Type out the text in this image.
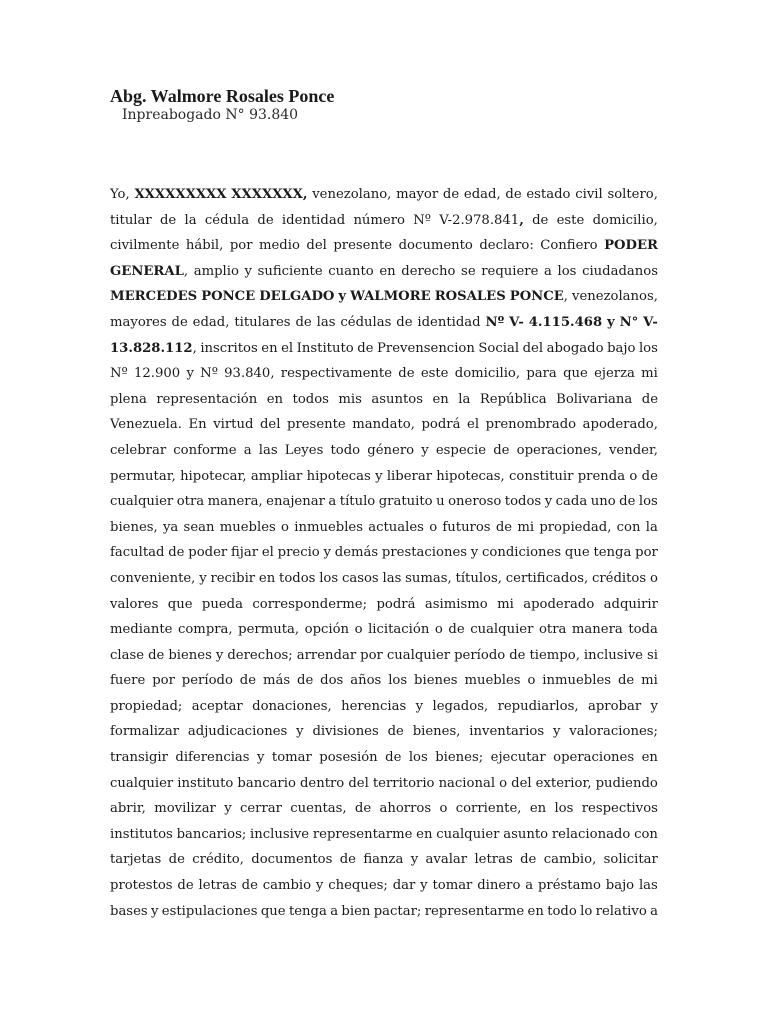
Abg. Walmore Rosales Ponce

Inpreabogado N° 93.840

Yo, XXXXXXXXX XXXXXXX, venezolano, mayor de edad, de estado civil soltero,
titular de la cédula de identidad número Nº V-2.978.841, de este domicilio,
civilmente hábil, por medio del presente documento declaro: Confiero PODER
GENERAL, amplio y suficiente cuanto en derecho se requiere a los ciudadanos
MERCEDES PONCE DELGADO y WALMORE ROSALES PONCE, venezolanos,
mayores de edad, titulares de las cédulas de identidad Nº V- 4.115.468 y N° V-
13.828.112, inscritos en el Instituto de Prevensencion Social del abogado bajo los
Nº 12.900 y Nº 93.840, respectivamente de este domicilio, para que ejerza mi
plena representación en todos mis asuntos en la República Bolivariana de
Venezuela. En virtud del presente mandato, podrá el prenombrado apoderado,
celebrar conforme a las Leyes todo género y especie de operaciones, vender,
permutar, hipotecar, ampliar hipotecas y liberar hipotecas, constituir prenda o de
cualquier otra manera, enajenar a título gratuito u oneroso todos y cada uno de los
bienes, ya sean muebles o inmuebles actuales o futuros de mi propiedad, con la
facultad de poder fijar el precio y demás prestaciones y condiciones que tenga por
conveniente, y recibir en todos los casos las sumas, títulos, certificados, créditos o
valores que pueda corresponderme; podrá asimismo mi apoderado adquirir
mediante compra, permuta, opción o licitación o de cualquier otra manera toda
clase de bienes y derechos; arrendar por cualquier período de tiempo, inclusive si
fuere por período de más de dos años los bienes muebles o inmuebles de mi
propiedad; aceptar donaciones, herencias y legados, repudiarlos, aprobar y
formalizar adjudicaciones y divisiones de bienes, inventarios y valoraciones;
transigir diferencias y tomar posesión de los bienes; ejecutar operaciones en
cualquier instituto bancario dentro del territorio nacional o del exterior, pudiendo
abrir, movilizar y cerrar cuentas, de ahorros o corriente, en los respectivos
institutos bancarios; inclusive representarme en cualquier asunto relacionado con
tarjetas de crédito, documentos de fianza y avalar letras de cambio, solicitar
protestos de letras de cambio y cheques; dar y tomar dinero a préstamo bajo las
bases y estipulaciones que tenga a bien pactar; representarme en todo lo relativo a
